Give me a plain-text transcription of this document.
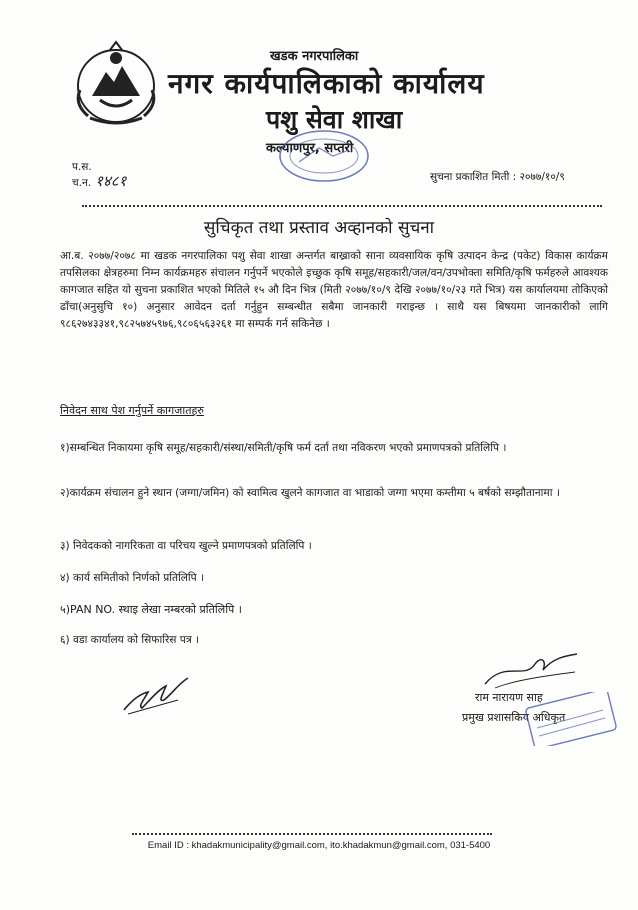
खडक नगरपालिका
नगर कार्यपालिकाको कार्यालय
पशु सेवा शाखा
कल्याणपुर, सप्तरी
प.स.
च.न. १४८१	सुचना प्रकाशित मिती : २०७७/१०/९
सुचिकृत तथा प्रस्ताव अव्हानको सुचना
आ.ब. २०७७/२०७८ मा खडक नगरपालिका पशु सेवा शाखा अन्तर्गत बाख्राको साना व्यवसायिक कृषि उत्पादन केन्द्र (पकेट) विकास कार्यक्रम तपसिलका क्षेत्रहरुमा निम्न कार्यक्रमहरु संचालन गर्नुपर्ने भएकोले इच्छुक कृषि समूह/सहकारी/जल/वन/उपभोक्ता समिति/कृषि फर्महरुले आवश्यक कागजात सहित यो सुचना प्रकाशित भएको मितिले १५ औ दिन भित्र (मिती २०७७/१०/९ देखि २०७७/१०/२३ गते भित्र) यस कार्यालयमा तोकिएको ढाँचा(अनुसुचि १०) अनुसार आवेदन दर्ता गर्नुहुन सम्बन्धीत सबैमा जानकारी गराइन्छ । साथै यस बिषयमा जानकारीको लागि ९८६२७४३३४१,९८२५७४५९७६,९८०६५६३२६१ मा सम्पर्क गर्न सकिनेछ ।
निवेदन साथ पेश गर्नुपर्ने कागजातहरु
१)सम्बन्धित निकायमा कृषि समूह/सहकारी/संस्था/समिती/कृषि फर्म दर्ता तथा नविकरण भएको प्रमाणपत्रको प्रतिलिपि ।
२)कार्यक्रम संचालन हुने स्थान (जग्गा/जमिन) को स्वामित्व खुलने कागजात वा भाडाको जग्गा भएमा कम्तीमा ५ बर्षको सम्झौतानामा ।
३) निवेदकको नागरिकता वा परिचय खुल्ने प्रमाणपत्रको प्रतिलिपि ।
४) कार्य समितीको निर्णको प्रतिलिपि ।
५)PAN NO. स्थाइ लेखा नम्बरको प्रतिलिपि ।
६) वडा कार्यालय को सिफारिस पत्र ।
राम नारायण साह
प्रमुख प्रशासकिय अधिकृत
Email ID : khadakmunicipality@gmail.com, ito.khadakmun@gmail.com, 031-5400
